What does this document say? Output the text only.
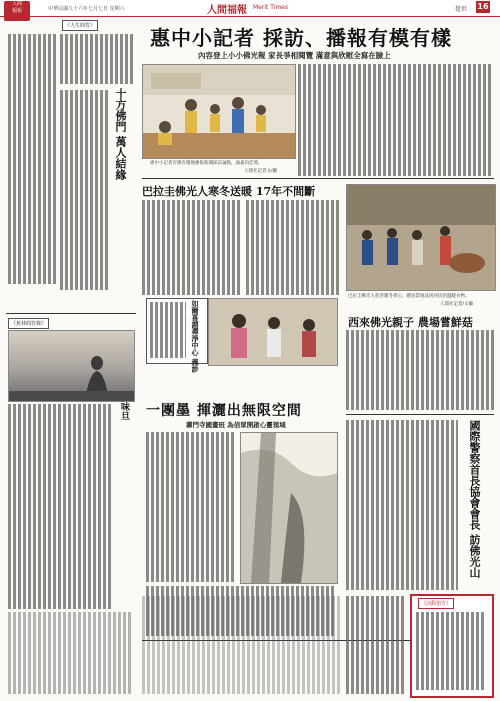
人間
福報	中華民國九十六年七月七日 星期六	人間福報 Merit Times	覺世 16
《人生問答》
十方佛門 萬人結緣
《蕉林問答錄》
味旦
惠中小記者 採訪、播報有模有樣
內容登上小小佛光報 家長爭相閱覽 滿意與欣慰全寫在臉上
惠中小記者有模有樣地播報新聞採訪論點，誠嘉向佳瑤。
人間社記者文/攝
巴拉圭佛光人寒冬送暖 17年不間斷
巴拉圭佛光人慈善暖冬愛心，贈送當地貧困居民的溫暖衣物。
人間社記者/文攝
如爾喜謂禪淨中心 義診	西來佛光親子 農場嘗鮮菇
一團墨 揮灑出無限空間
壽門寺國畫班 為信眾開啟心靈領域	國際警察首長協會會長 訪佛光山
《活動預告》
